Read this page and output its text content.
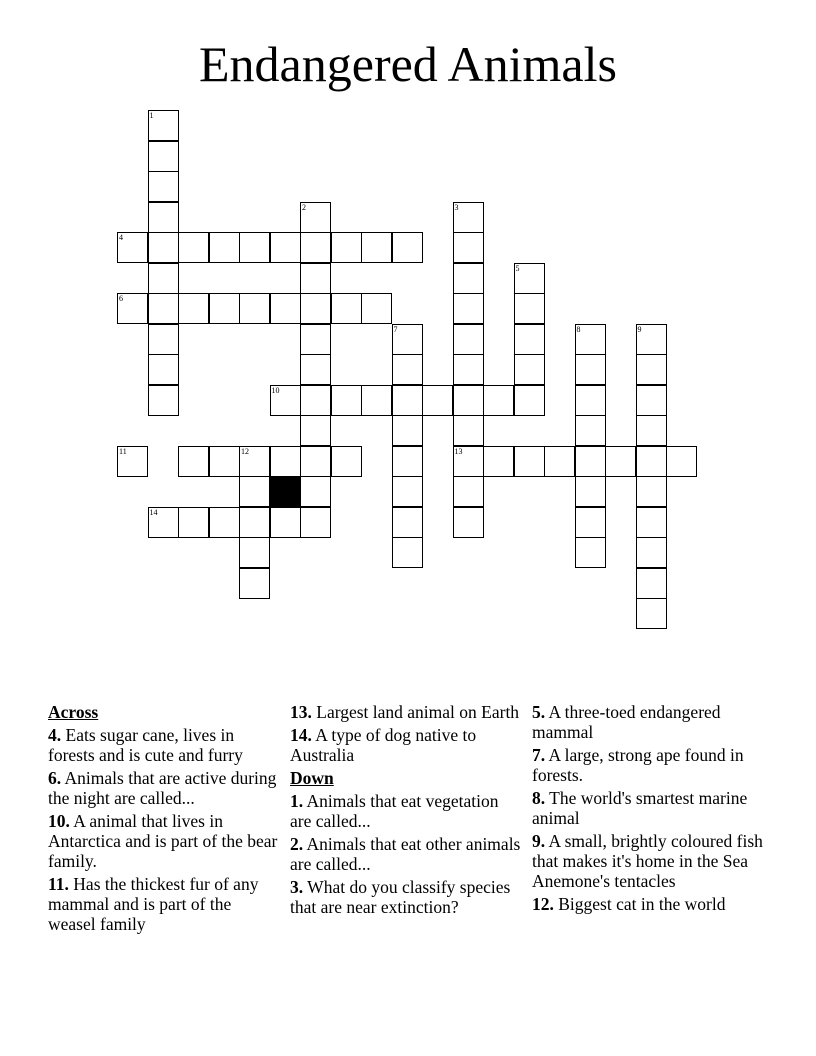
Endangered Animals
1
4
2	3
13
5
6
7	8	9
10
11	12
14
Across
4. Eats sugar cane, lives in forests and is cute and furry
6. Animals that are active during the night are called...
10. A animal that lives in Antarctica and is part of the bear family.
11. Has the thickest fur of any mammal and is part of the weasel family
13. Largest land animal on Earth
14. A type of dog native to Australia
Down
1. Animals that eat vegetation are called...
2. Animals that eat other animals are called...
3. What do you classify species that are near extinction?
5. A three-toed endangered mammal
7. A large, strong ape found in forests.
8. The world's smartest marine animal
9. A small, brightly coloured fish that makes it's home in the Sea Anemone's tentacles
12. Biggest cat in the world
